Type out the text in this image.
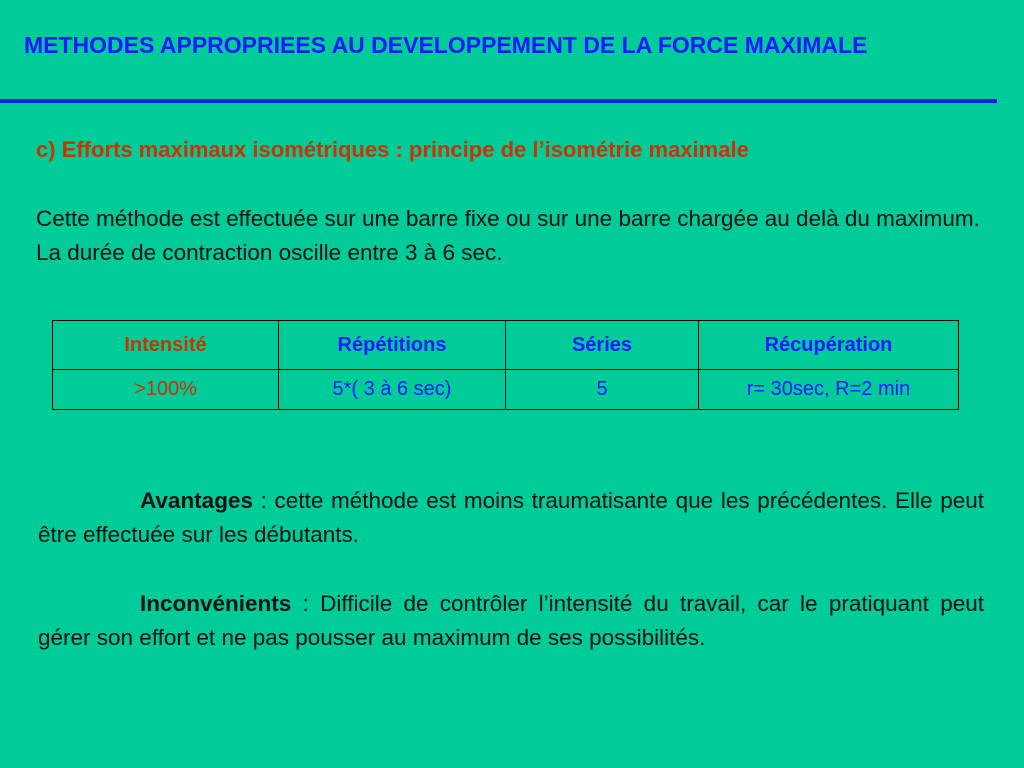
METHODES APPROPRIEES AU DEVELOPPEMENT DE LA FORCE MAXIMALE
c) Efforts maximaux isométriques : principe de l’isométrie maximale

Cette méthode est effectuée sur une barre fixe ou sur une barre chargée au delà du maximum. La durée de contraction oscille entre 3 à 6 sec.

Intensité	Répétitions	Séries	Récupération
>100%	5*( 3 à 6 sec)	5	r= 30sec, R=2 min

Avantages : cette méthode est moins traumatisante que les précédentes. Elle peut être effectuée sur les débutants.

Inconvénients : Difficile de contrôler l’intensité du travail, car le pratiquant peut gérer son effort et ne pas pousser au maximum de ses possibilités.
